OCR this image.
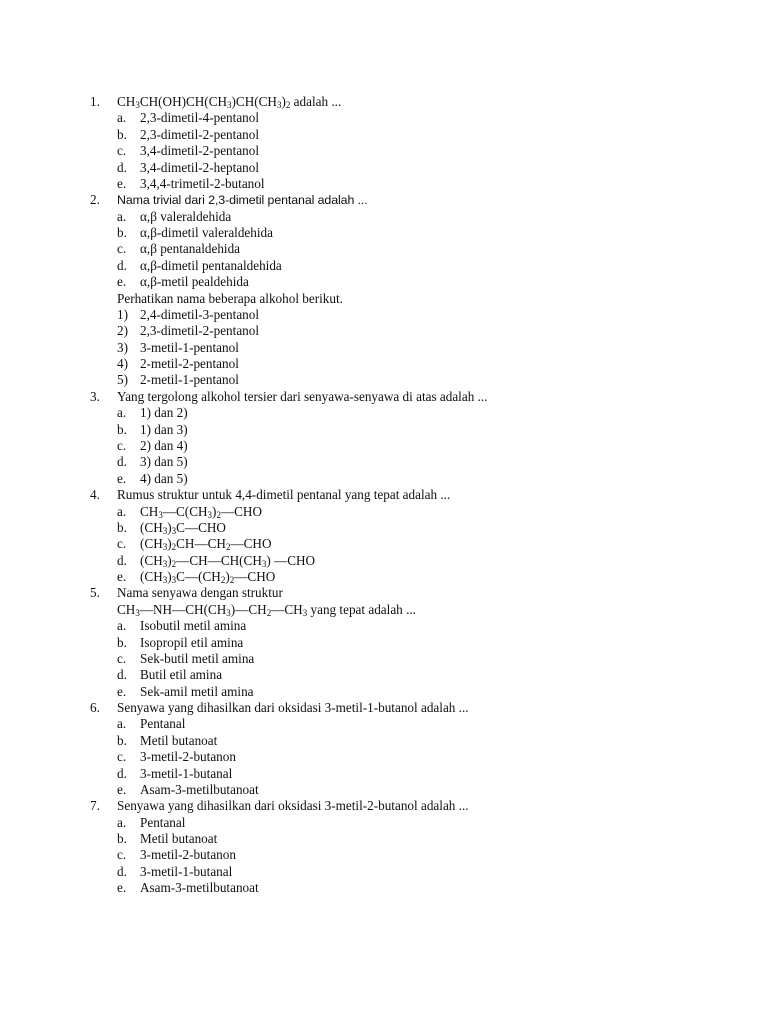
1. $CH_3CH(OH)CH(CH_3)CH(CH_3)_2$ adalah ...
a. 2,3-dimetil-4-pentanol
b. 2,3-dimetil-2-pentanol
c. 3,4-dimetil-2-pentanol
d. 3,4-dimetil-2-heptanol
e. 3,4,4-trimetil-2-butanol
2. Nama trivial dari 2,3-dimetil pentanal adalah ...
a. α,β valeraldehida
b. α,β-dimetil valeraldehida
c. α,β pentanaldehida
d. α,β-dimetil pentanaldehida
e. α,β-metil pealdehida
Perhatikan nama beberapa alkohol berikut.
1) 2,4-dimetil-3-pentanol
2) 2,3-dimetil-2-pentanol
3) 3-metil-1-pentanol
4) 2-metil-2-pentanol
5) 2-metil-1-pentanol
3. Yang tergolong alkohol tersier dari senyawa-senyawa di atas adalah ...
a. 1) dan 2)
b. 1) dan 3)
c. 2) dan 4)
d. 3) dan 5)
e. 4) dan 5)
4. Rumus struktur untuk 4,4-dimetil pentanal yang tepat adalah ...
a. $CH_3—C(CH_3)_2—CHO$
b. $(CH_3)_3C—CHO$
c. $(CH_3)_2CH—CH_2—CHO$
d. $(CH_3)_2—CH—CH(CH_3)$ —CHO
e. $(CH_3)_3C—(CH_2)_2—CHO$
5. Nama senyawa dengan struktur
$CH_3—NH—CH(CH_3)—CH_2—CH_3$ yang tepat adalah ...
a. Isobutil metil amina
b. Isopropil etil amina
c. Sek-butil metil amina
d. Butil etil amina
e. Sek-amil metil amina
6. Senyawa yang dihasilkan dari oksidasi 3-metil-1-butanol adalah ...
a. Pentanal
b. Metil butanoat
c. 3-metil-2-butanon
d. 3-metil-1-butanal
e. Asam-3-metilbutanoat
7. Senyawa yang dihasilkan dari oksidasi 3-metil-2-butanol adalah ...
a. Pentanal
b. Metil butanoat
c. 3-metil-2-butanon
d. 3-metil-1-butanal
e. Asam-3-metilbutanoat
